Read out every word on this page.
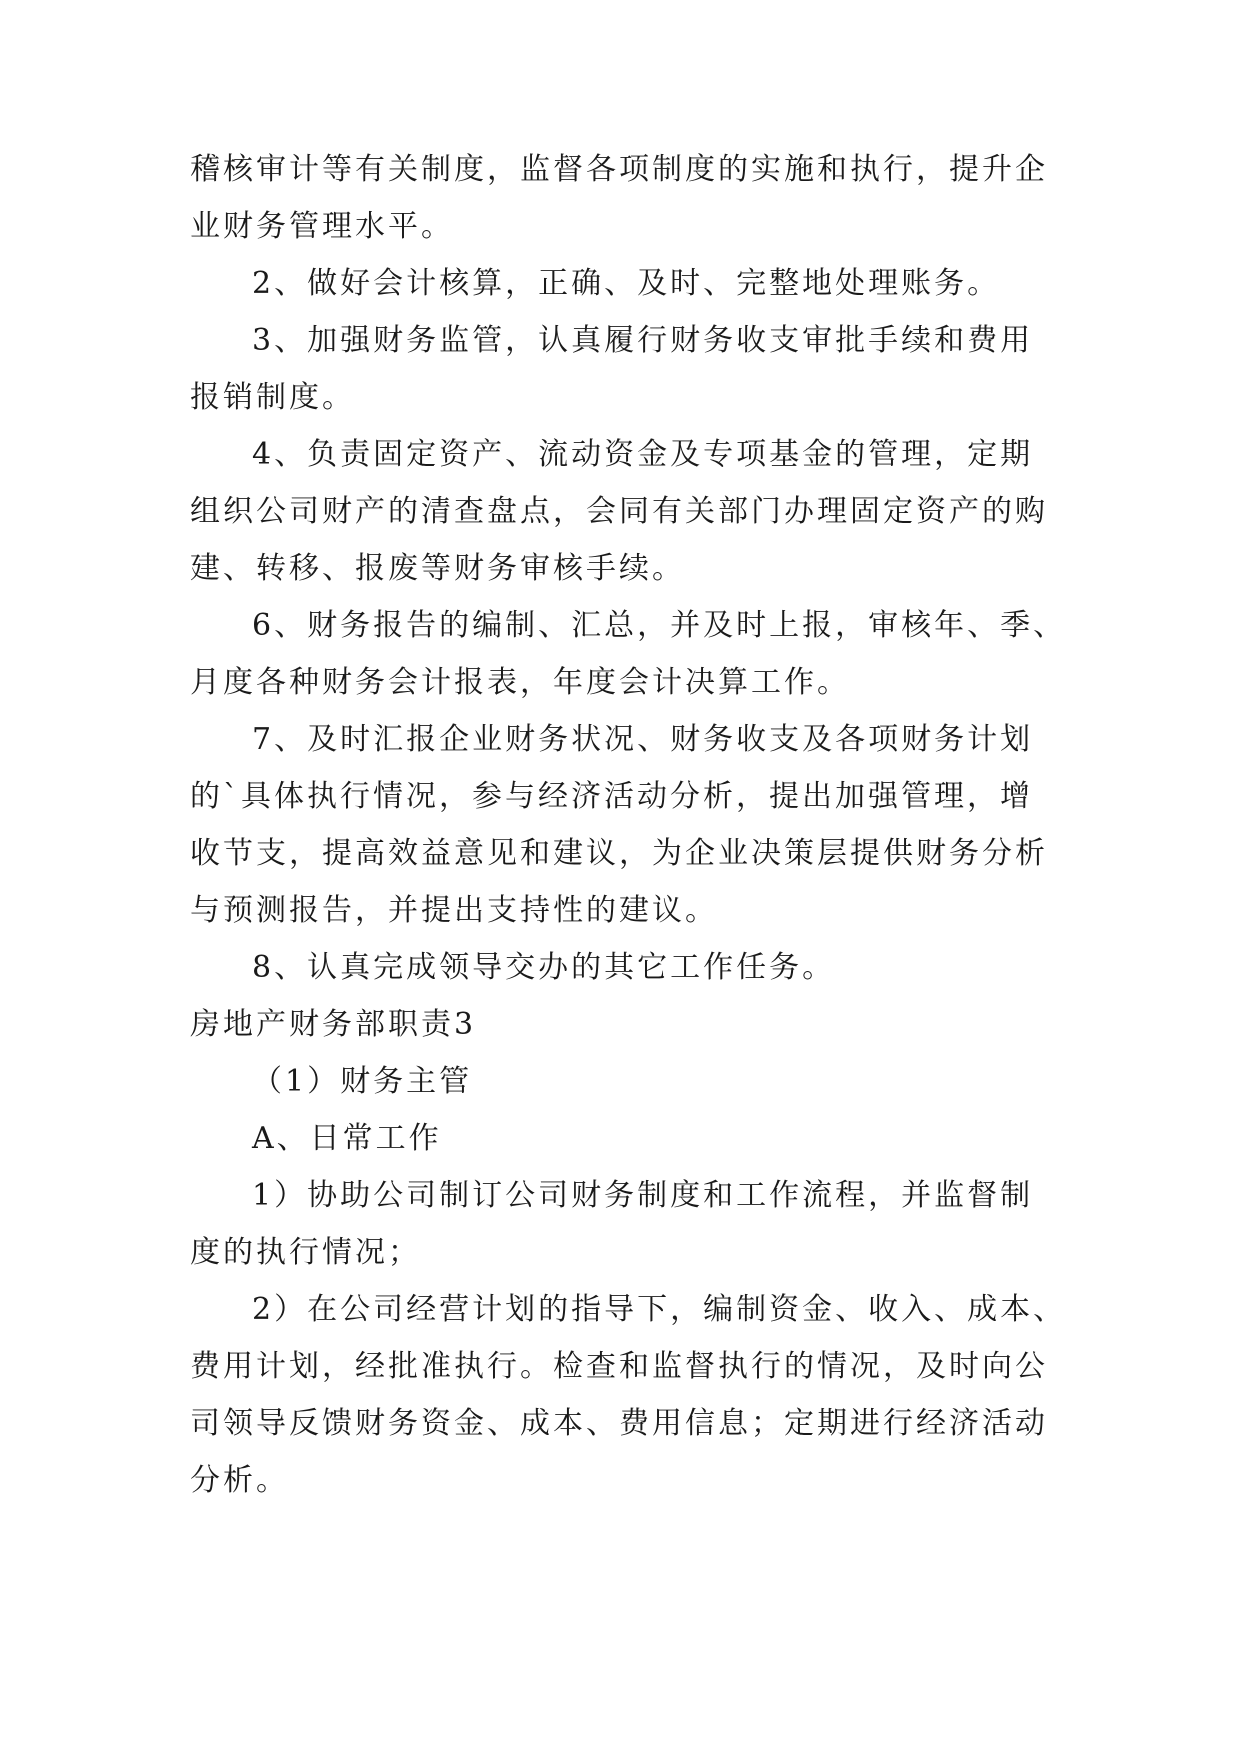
稽核审计等有关制度，监督各项制度的实施和执行，提升企
业财务管理水平。
2、做好会计核算，正确、及时、完整地处理账务。
3、加强财务监管，认真履行财务收支审批手续和费用
报销制度。
4、负责固定资产、流动资金及专项基金的管理，定期
组织公司财产的清查盘点，会同有关部门办理固定资产的购
建、转移、报废等财务审核手续。
6、财务报告的编制、汇总，并及时上报，审核年、季、
月度各种财务会计报表，年度会计决算工作。
7、及时汇报企业财务状况、财务收支及各项财务计划
的`具体执行情况，参与经济活动分析，提出加强管理，增
收节支，提高效益意见和建议，为企业决策层提供财务分析
与预测报告，并提出支持性的建议。
8、认真完成领导交办的其它工作任务。
房地产财务部职责3
（1）财务主管
A、日常工作
1）协助公司制订公司财务制度和工作流程，并监督制
度的执行情况；
2）在公司经营计划的指导下，编制资金、收入、成本、
费用计划，经批准执行。检查和监督执行的情况，及时向公
司领导反馈财务资金、成本、费用信息；定期进行经济活动
分析。
